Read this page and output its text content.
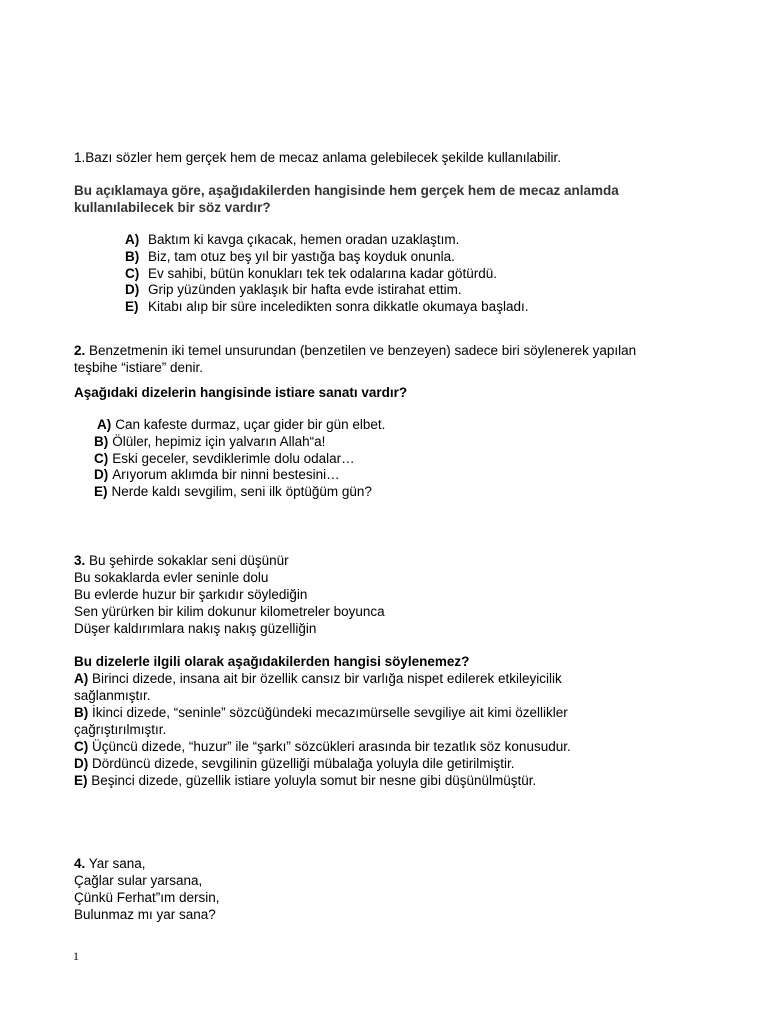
1.Bazı sözler hem gerçek hem de mecaz anlama gelebilecek şekilde kullanılabilir.
Bu açıklamaya göre, aşağıdakilerden hangisinde hem gerçek hem de mecaz anlamda
kullanılabilecek bir söz vardır?
A) Baktım ki kavga çıkacak, hemen oradan uzaklaştım.
B) Biz, tam otuz beş yıl bir yastığa baş koyduk onunla.
C) Ev sahibi, bütün konukları tek tek odalarına kadar götürdü.
D) Grip yüzünden yaklaşık bir hafta evde istirahat ettim.
E) Kitabı alıp bir süre inceledikten sonra dikkatle okumaya başladı.
2. Benzetmenin iki temel unsurundan (benzetilen ve benzeyen) sadece biri söylenerek yapılan
teşbihe “istiare” denir.
Aşağıdaki dizelerin hangisinde istiare sanatı vardır?
A) Can kafeste durmaz, uçar gider bir gün elbet.
B) Ölüler, hepimiz için yalvarın Allah“a!
C) Eski geceler, sevdiklerimle dolu odalar…
D) Arıyorum aklımda bir ninni bestesini…
E) Nerde kaldı sevgilim, seni ilk öptüğüm gün?
3. Bu şehirde sokaklar seni düşünür
Bu sokaklarda evler seninle dolu
Bu evlerde huzur bir şarkıdır söylediğin
Sen yürürken bir kilim dokunur kilometreler boyunca
Düşer kaldırımlara nakış nakış güzelliğin
Bu dizelerle ilgili olarak aşağıdakilerden hangisi söylenemez?
A) Birinci dizede, insana ait bir özellik cansız bir varlığa nispet edilerek etkileyicilik
sağlanmıştır.
B) İkinci dizede, “seninle” sözcüğündeki mecazımürselle sevgiliye ait kimi özellikler
çağrıştırılmıştır.
C) Üçüncü dizede, “huzur” ile “şarkı” sözcükleri arasında bir tezatlık söz konusudur.
D) Dördüncü dizede, sevgilinin güzelliği mübalağa yoluyla dile getirilmiştir.
E) Beşinci dizede, güzellik istiare yoluyla somut bir nesne gibi düşünülmüştür.
4. Yar sana,
Çağlar sular yarsana,
Çünkü Ferhat”ım dersin,
Bulunmaz mı yar sana?
1
